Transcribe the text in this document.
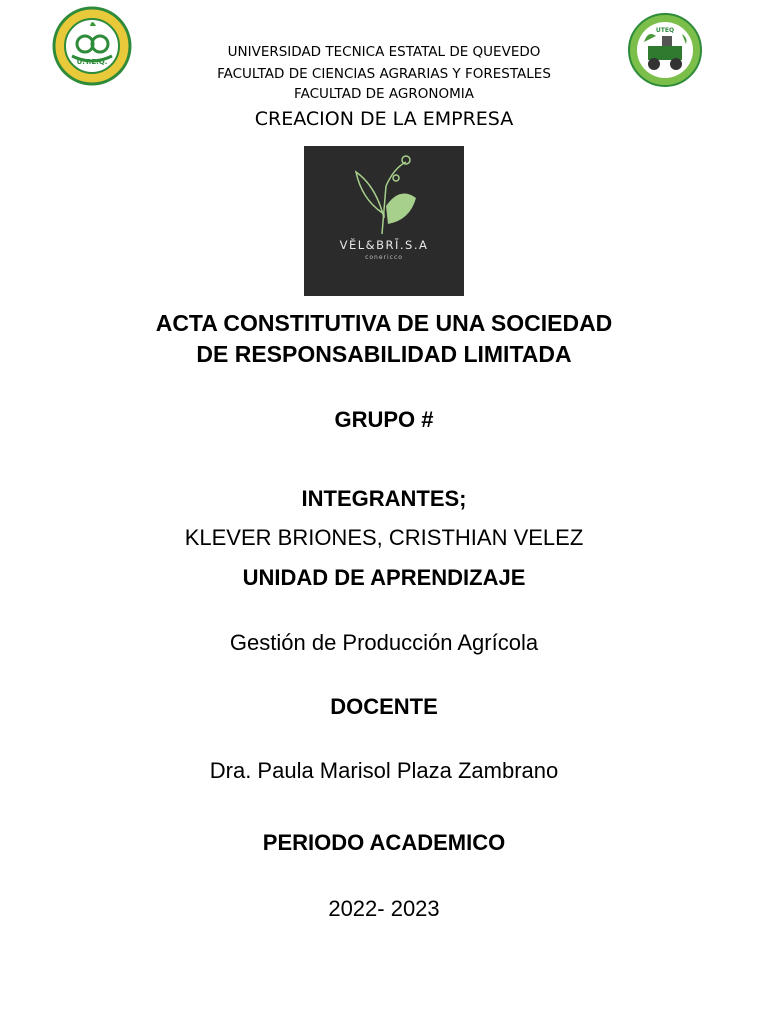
U.T.E.Q.
UTEQ
UNIVERSIDAD TECNICA ESTATAL DE QUEVEDO
FACULTAD DE CIENCIAS AGRARIAS Y FORESTALES
FACULTAD DE AGRONOMIA
CREACION DE LA EMPRESA
VĔL&BRĪ.S.A
conericco
ACTA CONSTITUTIVA DE UNA SOCIEDAD
DE RESPONSABILIDAD LIMITADA
GRUPO #
INTEGRANTES;
KLEVER BRIONES, CRISTHIAN VELEZ
UNIDAD DE APRENDIZAJE
Gestión de Producción Agrícola
DOCENTE
Dra. Paula Marisol Plaza Zambrano
PERIODO ACADEMICO
2022- 2023
